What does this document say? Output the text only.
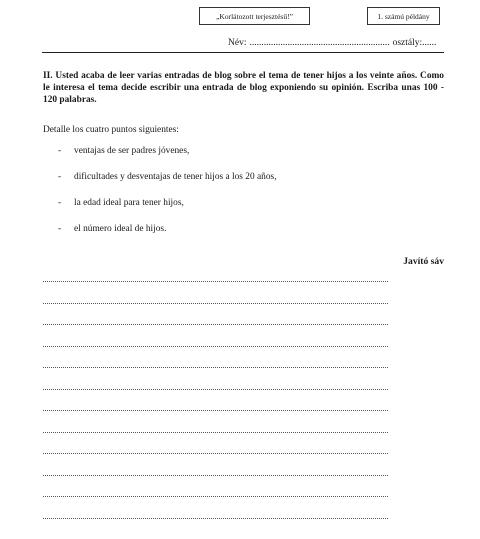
„Korlátozott terjesztésű!”	1. számú példány
Név: ........................................................... osztály:......
II. Usted acaba de leer varias entradas de blog sobre el tema de tener hijos a los veinte años. Como le interesa el tema decide escribir una entrada de blog exponiendo su opinión. Escriba unas 100 - 120 palabras.
Detalle los cuatro puntos siguientes:
-	ventajas de ser padres jóvenes,
-	dificultades y desventajas de tener hijos a los 20 años,
-	la edad ideal para tener hijos,
-	el número ideal de hijos.
Javító sáv
